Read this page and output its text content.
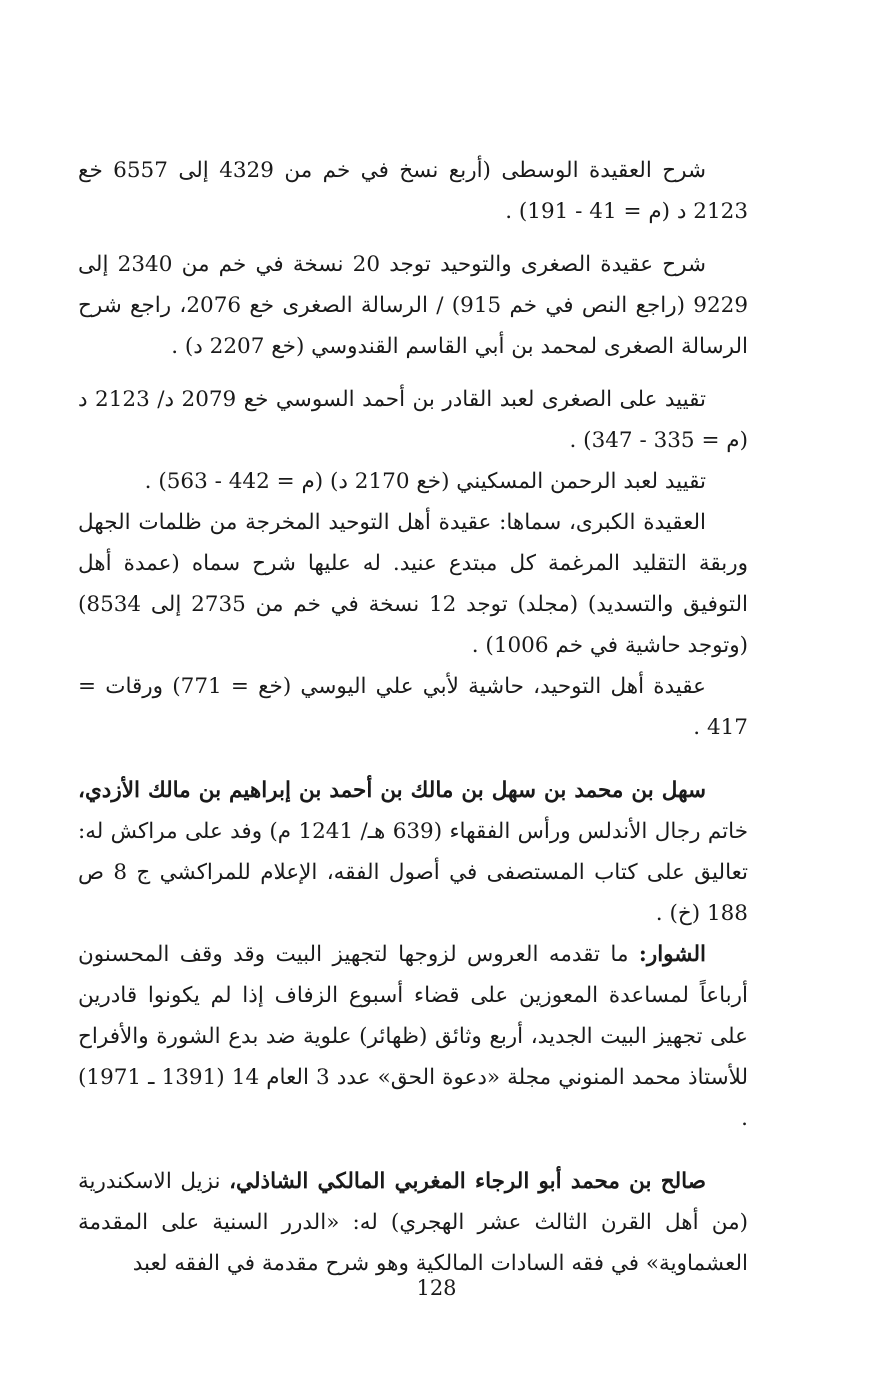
شرح العقيدة الوسطى (أربع نسخ في خم من 4329 إلى 6557 خع 2123 د (م = 41 - 191) .

شرح عقيدة الصغرى والتوحيد توجد 20 نسخة في خم من 2340 إلى 9229 (راجع النص في خم 915) / الرسالة الصغرى خع 2076، راجع شرح الرسالة الصغرى لمحمد بن أبي القاسم القندوسي (خع 2207 د) .

تقييد على الصغرى لعبد القادر بن أحمد السوسي خع 2079 د/ 2123 د (م = 335 - 347) .

تقييد لعبد الرحمن المسكيني (خع 2170 د) (م = 442 - 563) .

العقيدة الكبرى، سماها: عقيدة أهل التوحيد المخرجة من ظلمات الجهل وربقة التقليد المرغمة كل مبتدع عنيد. له عليها شرح سماه (عمدة أهل التوفيق والتسديد) (مجلد) توجد 12 نسخة في خم من 2735 إلى 8534) (وتوجد حاشية في خم 1006) .

عقيدة أهل التوحيد، حاشية لأبي علي اليوسي (خع = 771) ورقات = 417 .

سهل بن محمد بن سهل بن مالك بن أحمد بن إبراهيم بن مالك الأزدي، خاتم رجال الأندلس ورأس الفقهاء (639 هـ/ 1241 م) وفد على مراكش له: تعاليق على كتاب المستصفى في أصول الفقه، الإعلام للمراكشي ج 8 ص 188 (خ) .

الشوار: ما تقدمه العروس لزوجها لتجهيز البيت وقد وقف المحسنون أرباعاً لمساعدة المعوزين على قضاء أسبوع الزفاف إذا لم يكونوا قادرين على تجهيز البيت الجديد، أربع وثائق (ظهائر) علوية ضد بدع الشورة والأفراح للأستاذ محمد المنوني مجلة «دعوة الحق» عدد 3 العام 14 (1391 ـ 1971) .

صالح بن محمد أبو الرجاء المغربي المالكي الشاذلي، نزيل الاسكندرية (من أهل القرن الثالث عشر الهجري) له: «الدرر السنية على المقدمة العشماوية» في فقه السادات المالكية وهو شرح مقدمة في الفقه لعبد

128
